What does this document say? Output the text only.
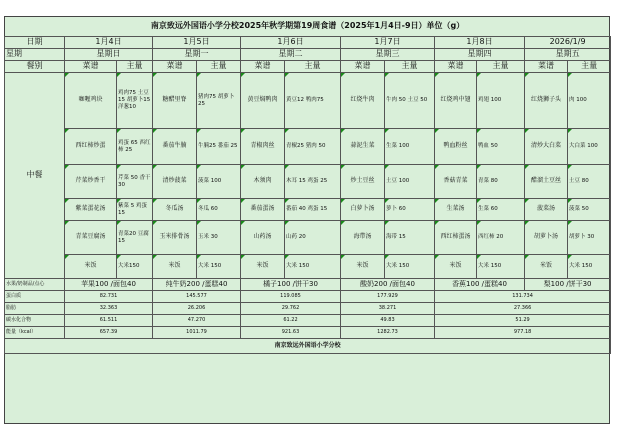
南京致远外国语小学分校2025年秋学期第19周食谱（2025年1月4日-9日）单位（g）												
日期	1月4日		1月5日		1月6日		1月7日		1月8日		2026/1/9	
星期	星期日		星期一		星期二		星期三		星期四		星期五	
餐别	菜谱	主量	菜谱	主量	菜谱	主量	菜谱	主量	菜谱	主量	菜谱	主量
中餐	咖喱鸡块	鸡肉75 土豆15 胡萝卜15 洋葱10	糖醋里脊	猪肉75 胡萝卜25	黄豆焖鸭肉	黄豆12 鸭肉75	红烧牛肉	牛肉 50 土豆 50	红烧鸡中翅	鸡翅 100	红烧狮子头	肉 100
	西红柿炒蛋	鸡蛋 65 西红柿 25	番茄牛腩	牛腩25 番茄 25	青椒肉丝	青椒25 猪肉 50	蒜泥生菜	生菜 100	鸭血粉丝	鸭血 50	清炒大白菜	大白菜 100
	芹菜炒香干	芹菜 50 香干 30	清炒菠菜	菠菜 100	木须肉	木耳 15 鸡蛋 25	炒土豆丝	土豆 100	香菇青菜	青菜 80	醋溜土豆丝	土豆 80
	紫菜蛋花汤	紫菜 5 鸡蛋 15	冬瓜汤	冬瓜 60	番茄蛋汤	番茄 40 鸡蛋 15	白萝卜汤	萝卜 60	生菜汤	生菜 60	菠菜汤	菠菜 50
	青菜豆腐汤	青菜20 豆腐15	玉米排骨汤	玉米 30	山药汤	山药 20	海带汤	海带 15	西红柿蛋汤	西红柿 20	胡萝卜汤	胡萝卜 30
	米饭	大米150	米饭	大米 150	米饭	大米 150	米饭	大米 150	米饭	大米 150	米饭	大米 150
水果/奶制品/点心	苹果100 /面包40		纯牛奶200 /蛋糕40		橘子100 /饼干30		酸奶200 /面包40		香蕉100 /蛋糕40		梨100 /饼干30	
蛋白质	82.731		145.577		119.085		177.929		131.734			
脂肪	32.363		26.206		29.762		38.271		27.366			
碳水化合物	61.511		47.270		61.22		49.83		51.29			
能量（kcal）	657.39		1011.79		921.63		1282.73		977.18			
南京致远外国语小学分校												
